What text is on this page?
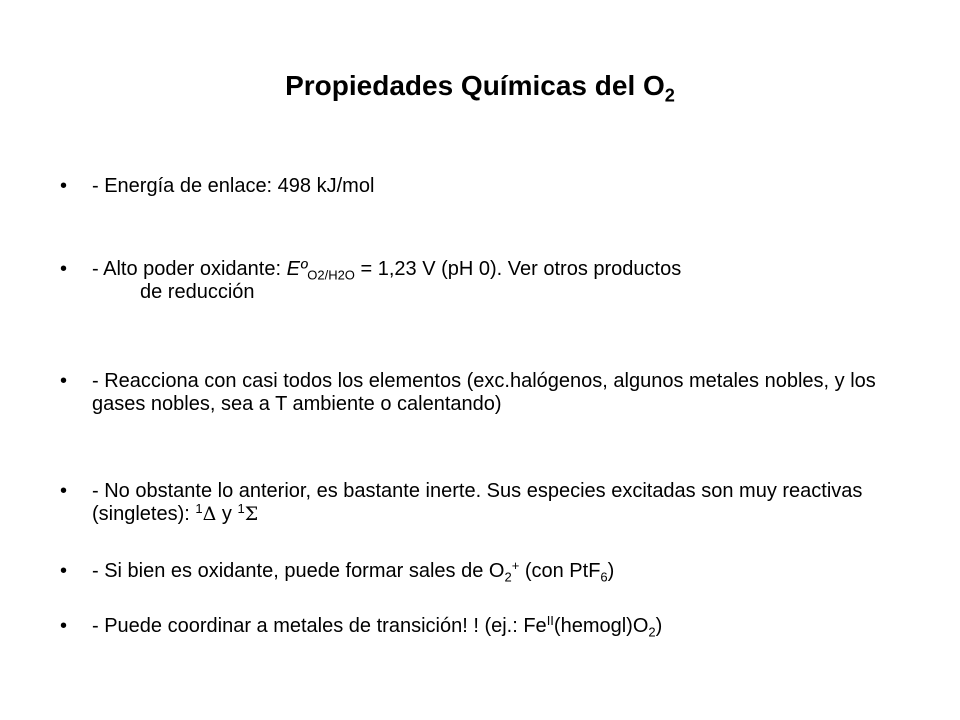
Propiedades Químicas del $O_2$
• - Energía de enlace: 498 kJ/mol
• - Alto poder oxidante: Eº$_{O2/H2O}$ = 1,23 V (pH 0). Ver otros productos
de reducción
• - Reacciona con casi todos los elementos (exc.halógenos, algunos metales nobles, y los gases nobles, sea a T ambiente o calentando)
• - No obstante lo anterior, es bastante inerte. Sus especies excitadas son muy reactivas (singletes): $^1$Δ y $^1$Σ
• - Si bien es oxidante, puede formar sales de $O_2^+$ (con PtF$_6$)
• - Puede coordinar a metales de transición! ! (ej.: $Fe^{II}(hemogl)O_2$)
